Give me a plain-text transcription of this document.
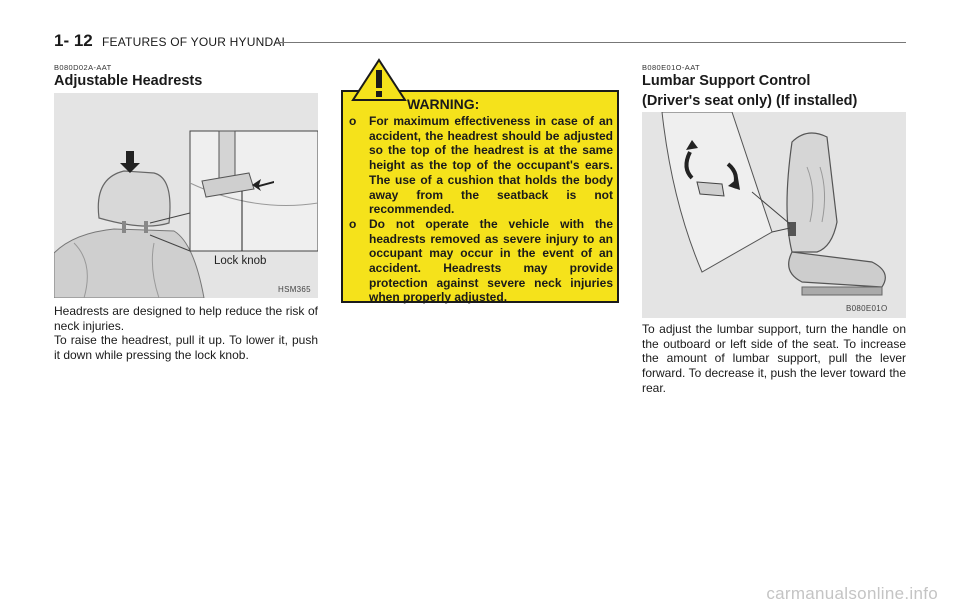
1- 12 FEATURES OF YOUR HYUNDAI
B080D02A-AAT
Adjustable Headrests
Lock knob
HSM365

Headrests are designed to help reduce the risk of neck injuries.

To raise the headrest, pull it up. To lower it, push it down while pressing the lock knob.

WARNING:
o For maximum effectiveness in case of an accident, the headrest should be adjusted so the top of the headrest is at the same height as the top of the occupant's ears. The use of a cushion that holds the body away from the seatback is not recommended.
o Do not operate the vehicle with the headrests removed as severe injury to an occupant may occur in the event of an accident. Headrests may provide protection against severe neck injuries when properly adjusted.
B080E01O-AAT
Lumbar Support Control
(Driver's seat only) (If installed)
B080E01O

To adjust the lumbar support, turn the handle on the outboard or left side of the seat. To increase the amount of lumbar support, pull the lever forward. To decrease it, push the lever toward the rear.

carmanualsonline.info
